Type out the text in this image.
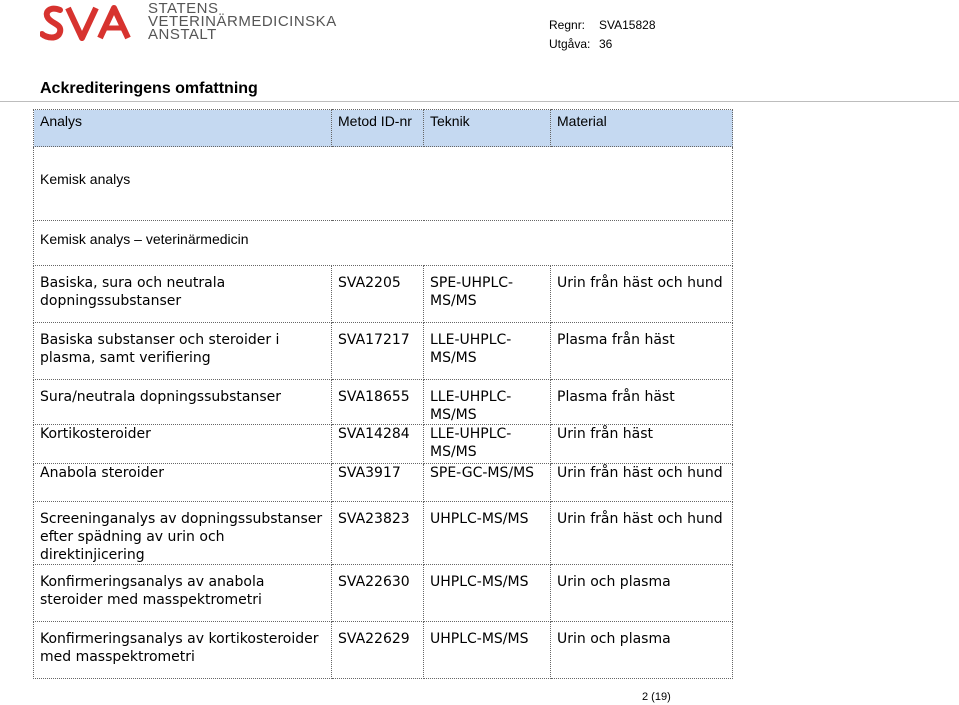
STATENS
VETERINÄRMEDICINSKA
ANSTALT
Regnr: SVA15828
Utgåva: 36
Ackrediteringens omfattning
Analys	Metod ID-nr	Teknik	Material
Kemisk analys			
Kemisk analys – veterinärmedicin			
Basiska, sura och neutrala dopningssubstanser	SVA2205	SPE-UHPLC-MS/MS	Urin från häst och hund
Basiska substanser och steroider i plasma, samt verifiering	SVA17217	LLE-UHPLC-MS/MS	Plasma från häst
Sura/neutrala dopningssubstanser	SVA18655	LLE-UHPLC-MS/MS	Plasma från häst
Kortikosteroider	SVA14284	LLE-UHPLC-MS/MS	Urin från häst
Anabola steroider	SVA3917	SPE-GC-MS/MS	Urin från häst och hund
Screeninganalys av dopningssubstanser efter spädning av urin och direktinjicering	SVA23823	UHPLC-MS/MS	Urin från häst och hund
Konfirmeringsanalys av anabola steroider med masspektrometri	SVA22630	UHPLC-MS/MS	Urin och plasma
Konfirmeringsanalys av kortikosteroider med masspektrometri	SVA22629	UHPLC-MS/MS	Urin och plasma
2 (19)
